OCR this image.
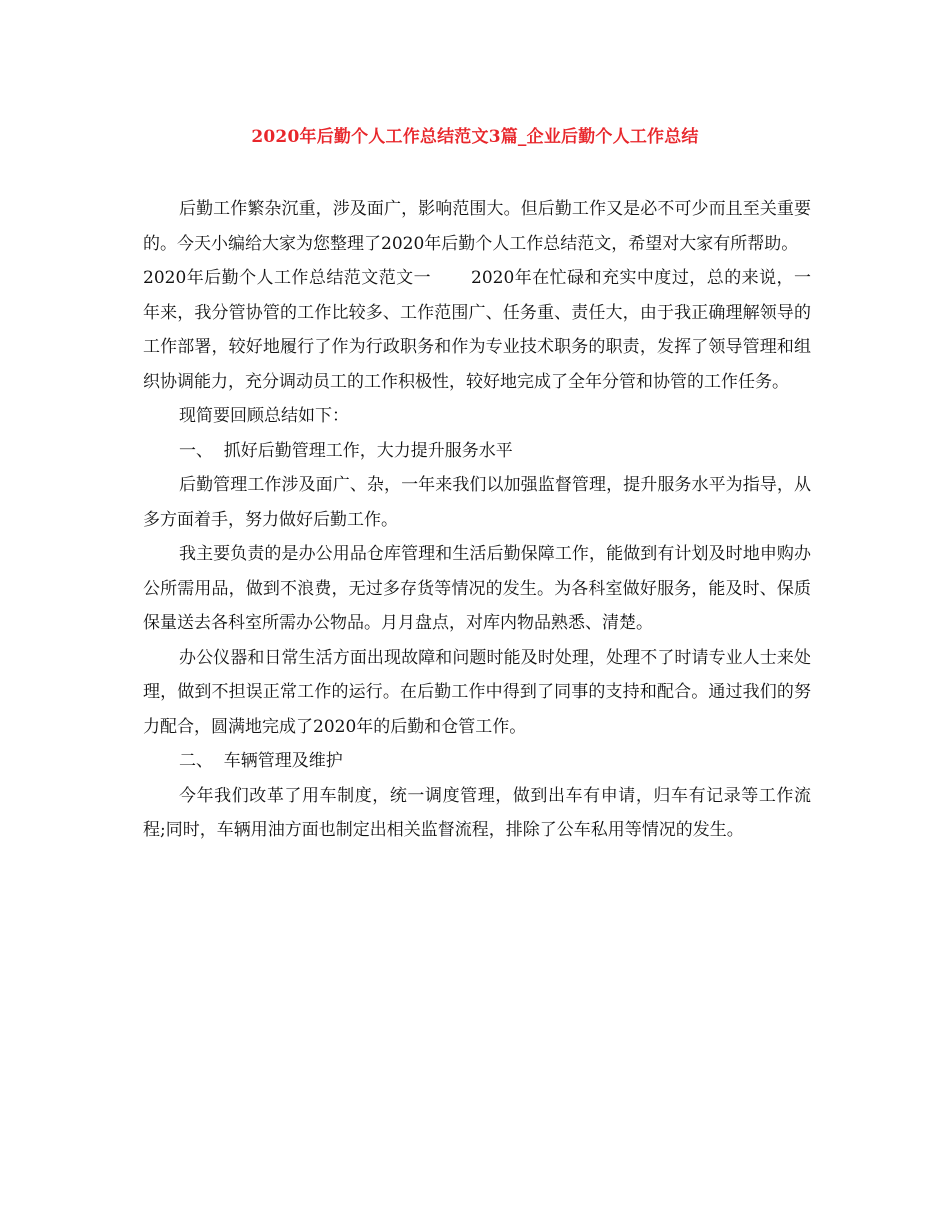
2020年后勤个人工作总结范文3篇_企业后勤个人工作总结

后勤工作繁杂沉重，涉及面广，影响范围大。但后勤工作又是必不可少而且至关重要的。今天小编给大家为您整理了2020年后勤个人工作总结范文，希望对大家有所帮助。

2020年后勤个人工作总结范文范文一 2020年在忙碌和充实中度过，总的来说，一年来，我分管协管的工作比较多、工作范围广、任务重、责任大，由于我正确理解领导的工作部署，较好地履行了作为行政职务和作为专业技术职务的职责，发挥了领导管理和组织协调能力，充分调动员工的工作积极性，较好地完成了全年分管和协管的工作任务。

现简要回顾总结如下：

一、  抓好后勤管理工作，大力提升服务水平

后勤管理工作涉及面广、杂，一年来我们以加强监督管理，提升服务水平为指导，从多方面着手，努力做好后勤工作。

我主要负责的是办公用品仓库管理和生活后勤保障工作，能做到有计划及时地申购办公所需用品，做到不浪费，无过多存货等情况的发生。为各科室做好服务，能及时、保质保量送去各科室所需办公物品。月月盘点，对库内物品熟悉、清楚。

办公仪器和日常生活方面出现故障和问题时能及时处理，处理不了时请专业人士来处理，做到不担误正常工作的运行。在后勤工作中得到了同事的支持和配合。通过我们的努力配合，圆满地完成了2020年的后勤和仓管工作。

二、  车辆管理及维护

今年我们改革了用车制度，统一调度管理，做到出车有申请，归车有记录等工作流程;同时，车辆用油方面也制定出相关监督流程，排除了公车私用等情况的发生。
